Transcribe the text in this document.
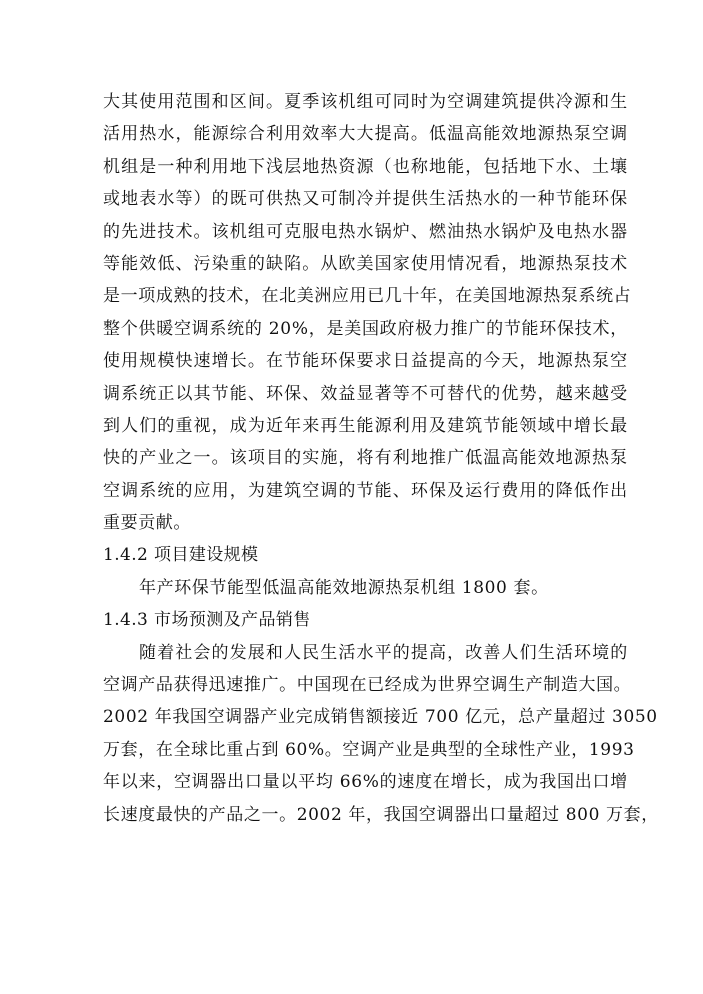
大 其 使 用 范 围 和 区 间 。 夏 季 该 机 组 可 同 时 为 空 调 建 筑 提 供 冷 源 和 生
活 用 热 水 ， 能 源 综 合 利 用 效 率 大 大 提 高 。 低 温 高 能 效 地 源 热 泵 空 调
机 组 是 一 种 利 用 地 下 浅 层 地 热 资 源 （ 也 称 地 能 ， 包 括 地 下 水 、 土 壤
或 地 表 水 等 ） 的 既 可 供 热 又 可 制 冷 并 提 供 生 活 热 水 的 一 种 节 能 环 保
的 先 进 技 术 。 该 机 组 可 克 服 电 热 水 锅 炉 、 燃 油 热 水 锅 炉 及 电 热 水 器
等 能 效 低 、 污 染 重 的 缺 陷 。 从 欧 美 国 家 使 用 情 况 看 ， 地 源 热 泵 技 术
是 一 项 成 熟 的 技 术 ， 在 北 美 洲 应 用 已 几 十 年 ， 在 美 国 地 源 热 泵 系 统 占
整 个 供 暖 空 调 系 统 的
2 0 % ， 是 美 国 政 府 极 力 推 广 的 节 能 环 保 技 术 ，
使 用 规 模 快 速 增 长 。 在 节 能 环 保 要 求 日 益 提 高 的 今 天 ， 地 源 热 泵 空
调 系 统 正 以 其 节 能 、 环 保 、 效 益 显 著 等 不 可 替 代 的 优 势 ， 越 来 越 受
到 人 们 的 重 视 ， 成 为 近 年 来 再 生 能 源 利 用 及 建 筑 节 能 领 域 中 增 长 最
快 的 产 业 之 一 。 该 项 目 的 实 施 ， 将 有 利 地 推 广 低 温 高 能 效 地 源 热 泵
空 调 系 统 的 应 用 ， 为 建 筑 空 调 的 节 能 、 环 保 及 运 行 费 用 的 降 低 作 出
重要贡献。
1.4.2 项目建设规模
年产环保节能型低温高能效地源热泵机组 1800 套。
1.4.3 市场预测及产品销售
随 着 社 会 的 发 展 和 人 民 生 活 水 平 的 提 高 ， 改 善 人 们 生 活 环 境 的
空 调 产 品 获 得 迅 速 推 广 。 中 国 现 在 已 经 成 为 世 界 空 调 生 产 制 造 大 国 。
2 0 0 2
年 我 国 空 调 器 产 业 完 成 销 售 额 接 近
7 0 0
亿 元 ， 总 产 量 超 过
3 0 5 0
万 套 ， 在 全 球 比 重 占 到
6 0 % 。 空 调 产 业 是 典 型 的 全 球 性 产 业 ， 1 9 9 3
年 以 来 ， 空 调 器 出 口 量 以 平 均
6 6 % 的 速 度 在 增 长 ， 成 为 我 国 出 口 增
长 速 度 最 快 的 产 品 之 一 。 2 0 0 2
年 ， 我 国 空 调 器 出 口 量 超 过
8 0 0
万 套 ，
